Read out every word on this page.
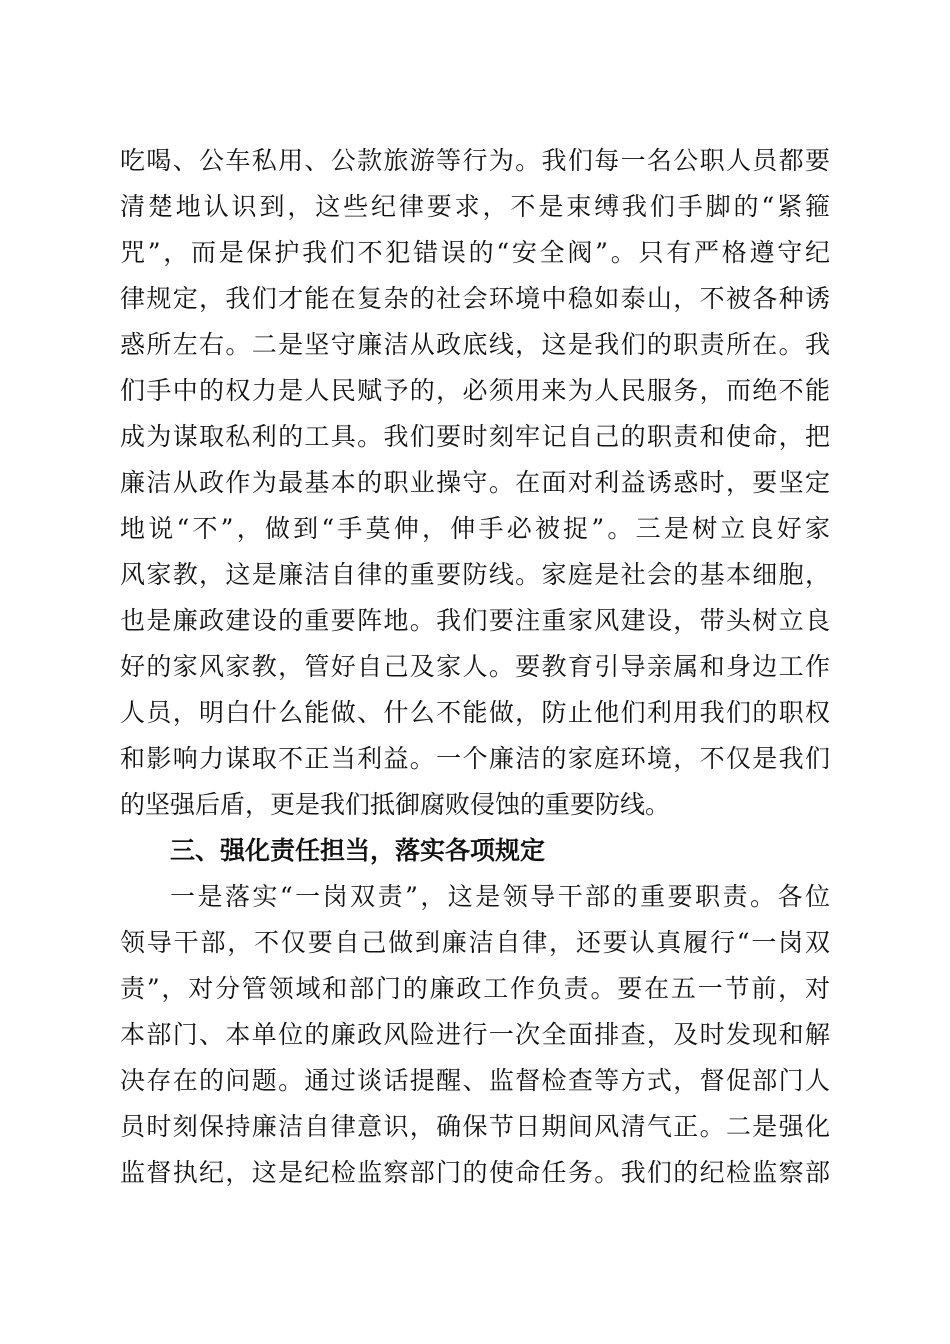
吃喝、公车私用、公款旅游等行为。我们每一名公职人员都要
清楚地认识到，这些纪律要求，不是束缚我们手脚的“紧箍
咒”，而是保护我们不犯错误的“安全阀”。只有严格遵守纪
律规定，我们才能在复杂的社会环境中稳如泰山，不被各种诱
惑所左右。二是坚守廉洁从政底线，这是我们的职责所在。我
们手中的权力是人民赋予的，必须用来为人民服务，而绝不能
成为谋取私利的工具。我们要时刻牢记自己的职责和使命，把
廉洁从政作为最基本的职业操守。在面对利益诱惑时，要坚定
地说“不”，做到“手莫伸，伸手必被捉”。三是树立良好家
风家教，这是廉洁自律的重要防线。家庭是社会的基本细胞，
也是廉政建设的重要阵地。我们要注重家风建设，带头树立良
好的家风家教，管好自己及家人。要教育引导亲属和身边工作
人员，明白什么能做、什么不能做，防止他们利用我们的职权
和影响力谋取不正当利益。一个廉洁的家庭环境，不仅是我们
的坚强后盾，更是我们抵御腐败侵蚀的重要防线。
三、强化责任担当，落实各项规定
一是落实“一岗双责”，这是领导干部的重要职责。各位
领导干部，不仅要自己做到廉洁自律，还要认真履行“一岗双
责”，对分管领域和部门的廉政工作负责。要在五一节前，对
本部门、本单位的廉政风险进行一次全面排查，及时发现和解
决存在的问题。通过谈话提醒、监督检查等方式，督促部门人
员时刻保持廉洁自律意识，确保节日期间风清气正。二是强化
监督执纪，这是纪检监察部门的使命任务。我们的纪检监察部
